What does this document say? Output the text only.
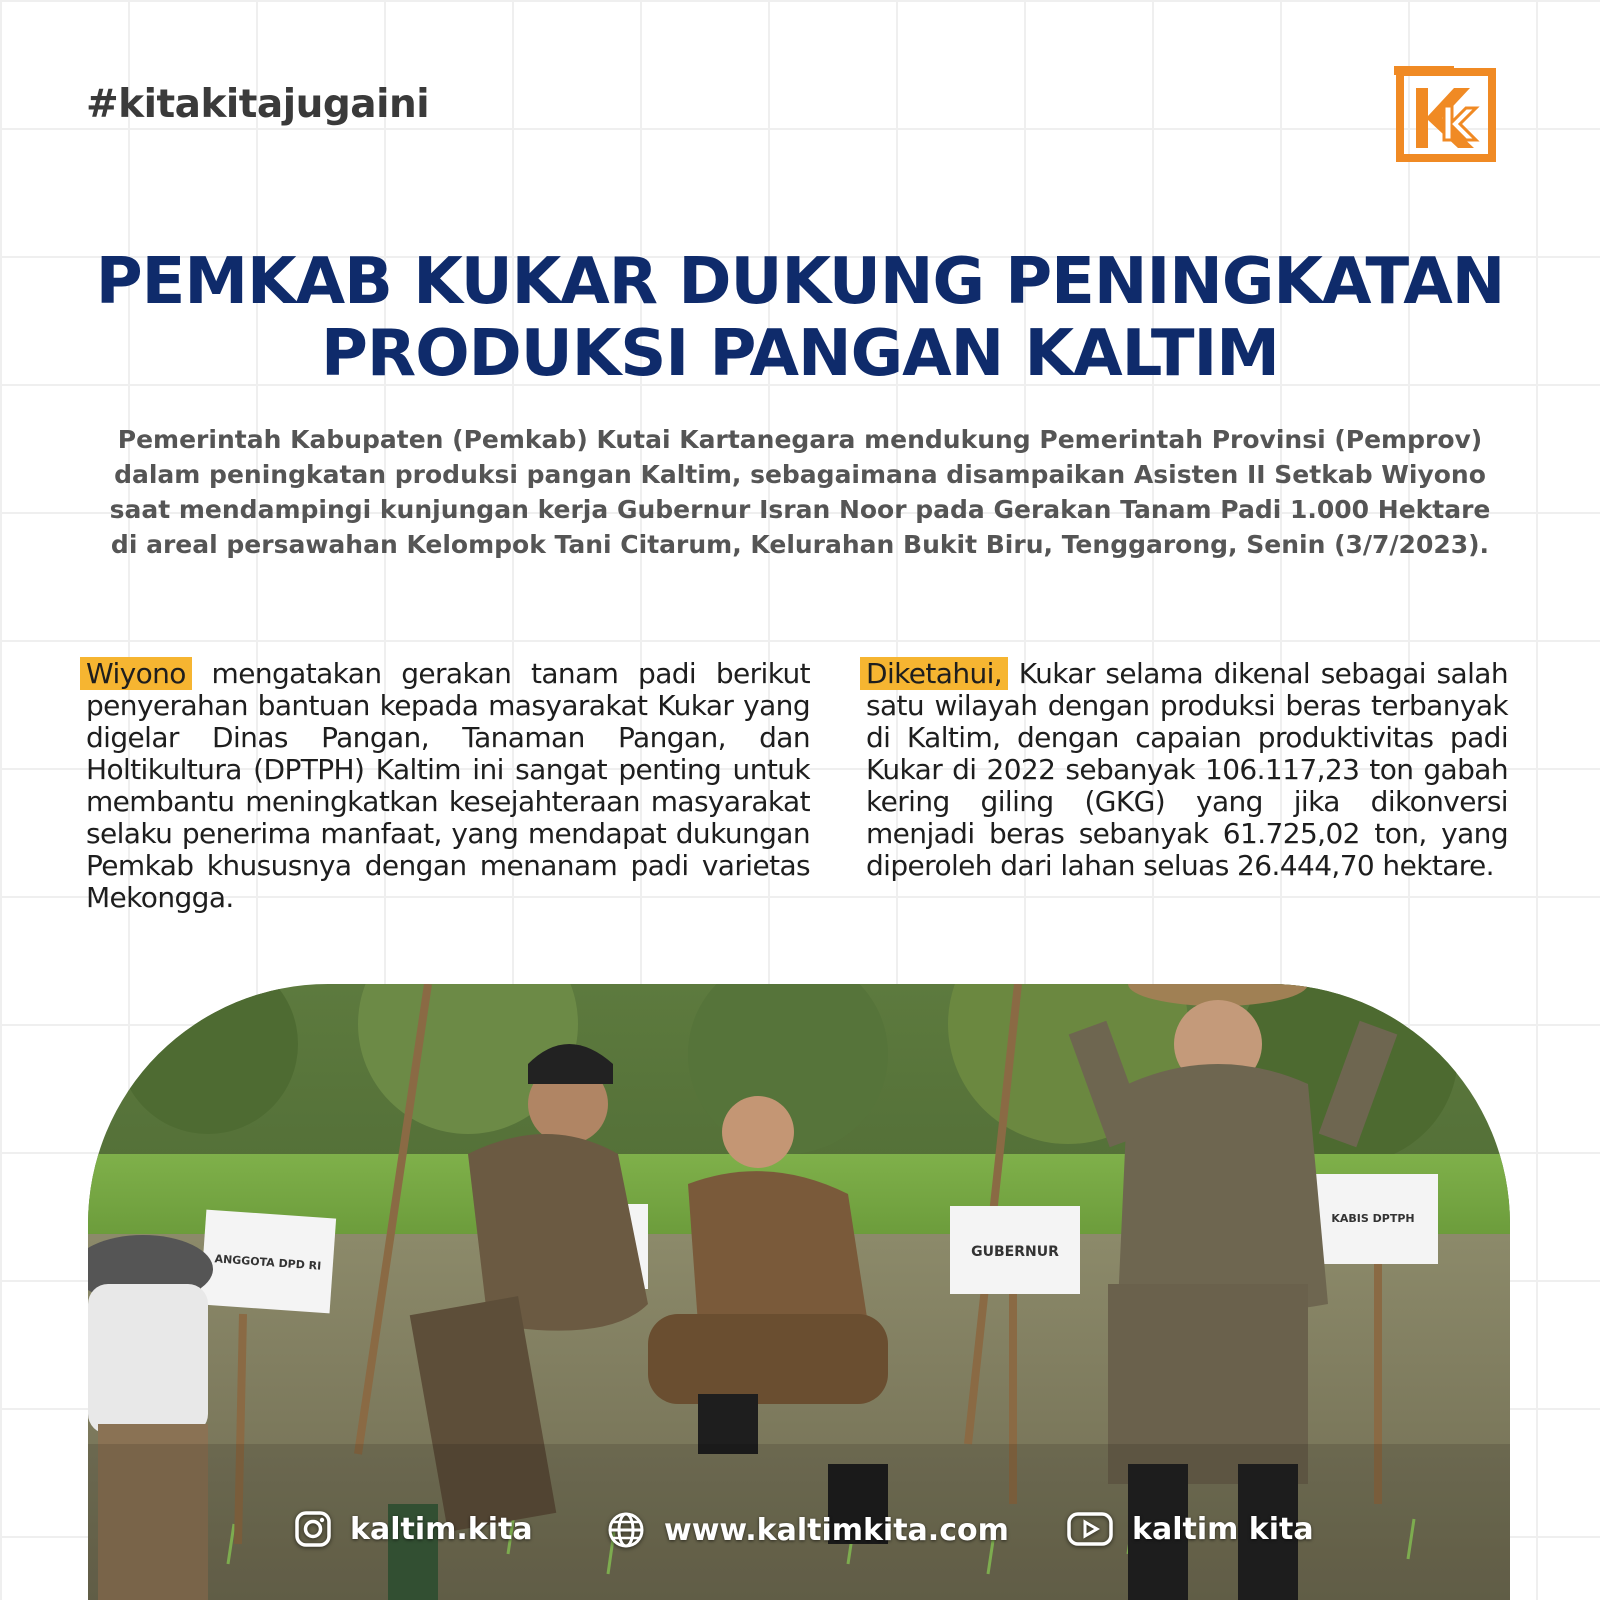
#kitakitajugaini
PEMKAB KUKAR DUKUNG PENINGKATAN
PRODUKSI PANGAN KALTIM
Pemerintah Kabupaten (Pemkab) Kutai Kartanegara mendukung Pemerintah Provinsi (Pemprov) dalam peningkatan produksi pangan Kaltim, sebagaimana disampaikan Asisten II Setkab Wiyono saat mendampingi kunjungan kerja Gubernur Isran Noor pada Gerakan Tanam Padi 1.000 Hektare di areal persawahan Kelompok Tani Citarum, Kelurahan Bukit Biru, Tenggarong, Senin (3/7/2023).
Wiyono mengatakan gerakan tanam padi berikut penyerahan bantuan kepada masyarakat Kukar yang digelar Dinas Pangan, Tanaman Pangan, dan Holtikultura (DPTPH) Kaltim ini sangat penting untuk membantu meningkatkan kesejahteraan masyarakat selaku penerima manfaat, yang mendapat dukungan Pemkab khususnya dengan menanam padi varietas Mekongga.
Diketahui, Kukar selama dikenal sebagai salah satu wilayah dengan produksi beras terbanyak di Kaltim, dengan capaian produktivitas padi Kukar di 2022 sebanyak 106.117,23 ton gabah kering giling (GKG) yang jika dikonversi menjadi beras sebanyak 61.725,02 ton, yang diperoleh dari lahan seluas 26.444,70 hektare.
ANGGOTA DPD RI
GUBERNUR
KABIS DPTPH
kaltim.kita	www.kaltimkita.com	kaltim kita
